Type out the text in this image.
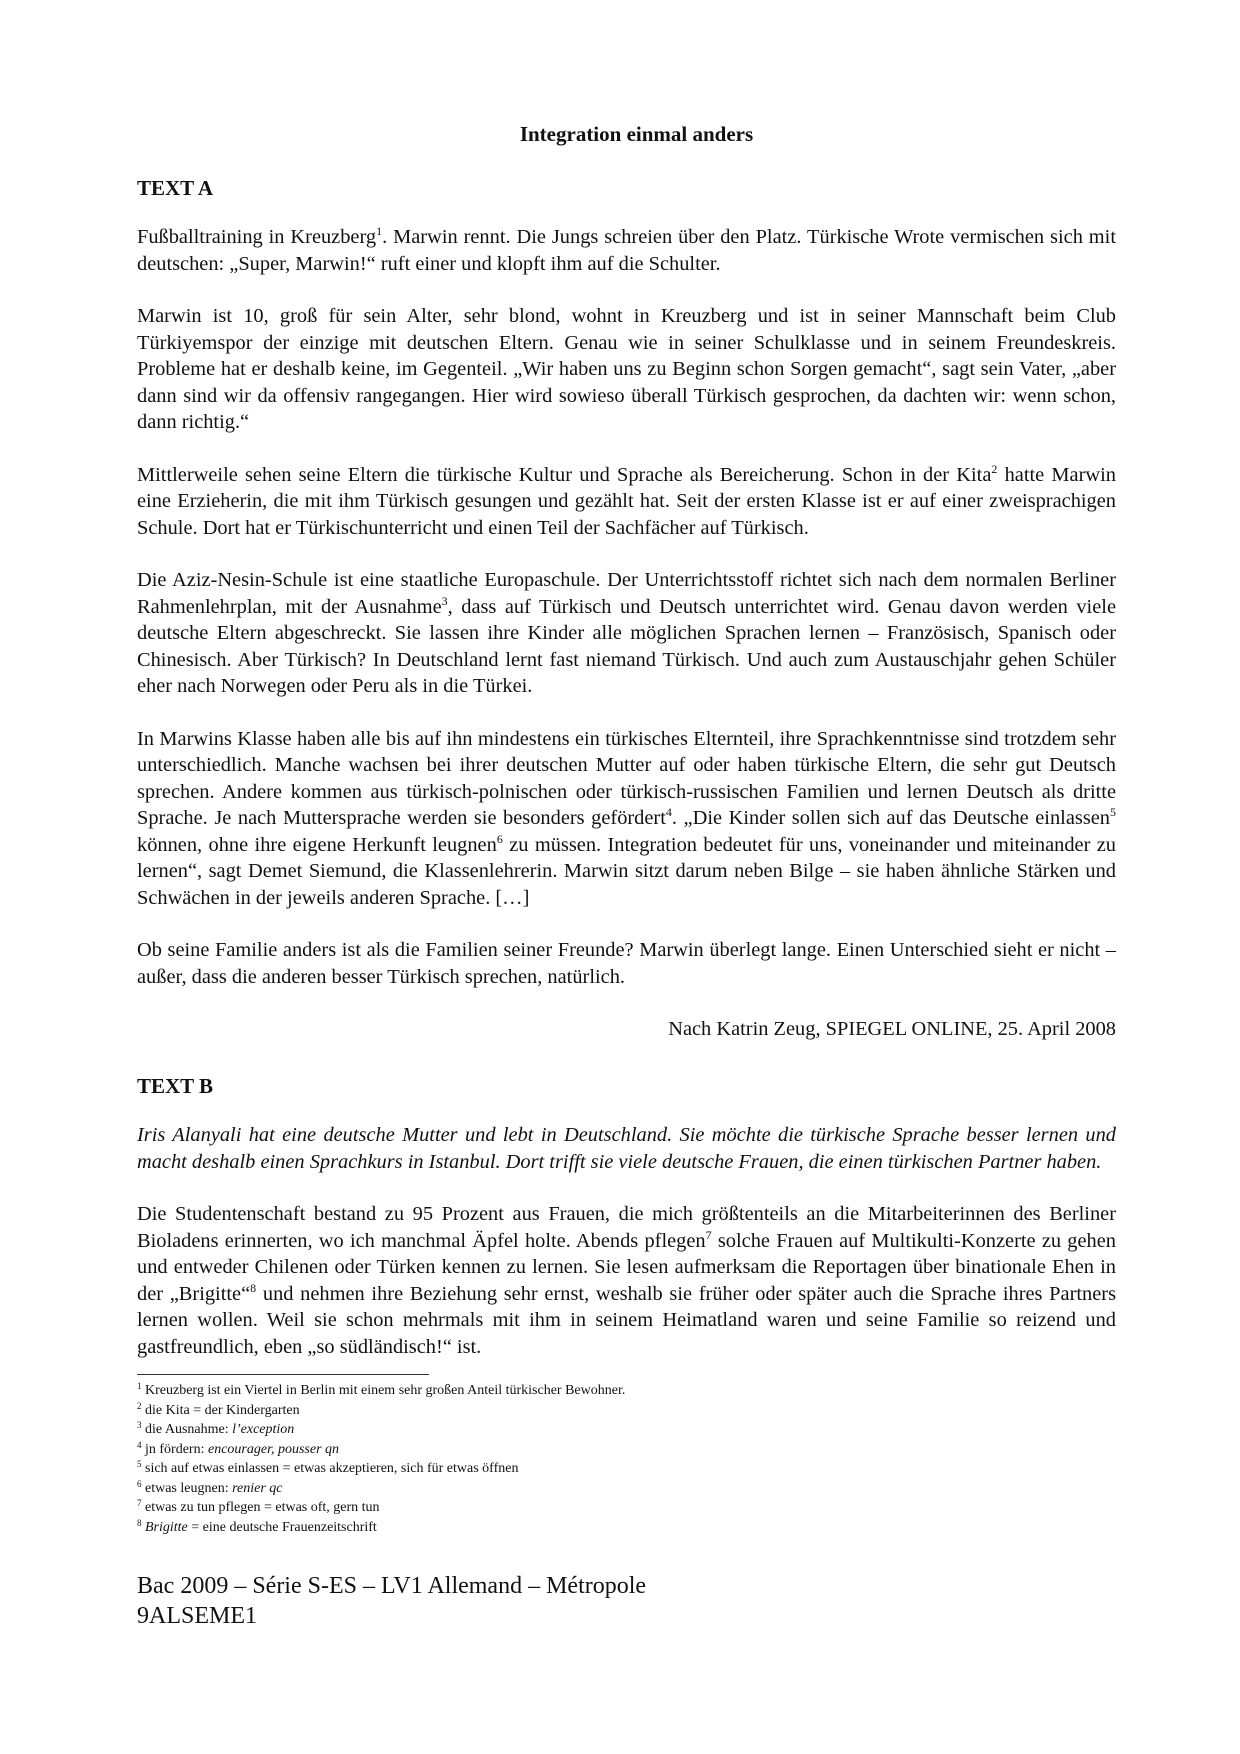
Integration einmal anders
TEXT A

Fußballtraining in Kreuzberg$^1$. Marwin rennt. Die Jungs schreien über den Platz. Türkische Wrote vermischen sich mit deutschen: „Super, Marwin!“ ruft einer und klopft ihm auf die Schulter.

Marwin ist 10, groß für sein Alter, sehr blond, wohnt in Kreuzberg und ist in seiner Mannschaft beim Club Türkiyemspor der einzige mit deutschen Eltern. Genau wie in seiner Schulklasse und in seinem Freundeskreis. Probleme hat er deshalb keine, im Gegenteil. „Wir haben uns zu Beginn schon Sorgen gemacht“, sagt sein Vater, „aber dann sind wir da offensiv rangegangen. Hier wird sowieso überall Türkisch gesprochen, da dachten wir: wenn schon, dann richtig.“

Mittlerweile sehen seine Eltern die türkische Kultur und Sprache als Bereicherung. Schon in der Kita$^2$ hatte Marwin eine Erzieherin, die mit ihm Türkisch gesungen und gezählt hat. Seit der ersten Klasse ist er auf einer zweisprachigen Schule. Dort hat er Türkischunterricht und einen Teil der Sachfächer auf Türkisch.

Die Aziz-Nesin-Schule ist eine staatliche Europaschule. Der Unterrichtsstoff richtet sich nach dem normalen Berliner Rahmenlehrplan, mit der Ausnahme$^3$, dass auf Türkisch und Deutsch unterrichtet wird. Genau davon werden viele deutsche Eltern abgeschreckt. Sie lassen ihre Kinder alle möglichen Sprachen lernen – Französisch, Spanisch oder Chinesisch. Aber Türkisch? In Deutschland lernt fast niemand Türkisch. Und auch zum Austauschjahr gehen Schüler eher nach Norwegen oder Peru als in die Türkei.

In Marwins Klasse haben alle bis auf ihn mindestens ein türkisches Elternteil, ihre Sprachkenntnisse sind trotzdem sehr unterschiedlich. Manche wachsen bei ihrer deutschen Mutter auf oder haben türkische Eltern, die sehr gut Deutsch sprechen. Andere kommen aus türkisch-polnischen oder türkisch-russischen Familien und lernen Deutsch als dritte Sprache. Je nach Muttersprache werden sie besonders gefördert$^4$. „Die Kinder sollen sich auf das Deutsche einlassen$^5$ können, ohne ihre eigene Herkunft leugnen$^6$ zu müssen. Integration bedeutet für uns, voneinander und miteinander zu lernen“, sagt Demet Siemund, die Klassenlehrerin. Marwin sitzt darum neben Bilge – sie haben ähnliche Stärken und Schwächen in der jeweils anderen Sprache. […]

Ob seine Familie anders ist als die Familien seiner Freunde? Marwin überlegt lange. Einen Unterschied sieht er nicht – außer, dass die anderen besser Türkisch sprechen, natürlich.

Nach Katrin Zeug, SPIEGEL ONLINE, 25. April 2008

TEXT B

Iris Alanyali hat eine deutsche Mutter und lebt in Deutschland. Sie möchte die türkische Sprache besser lernen und macht deshalb einen Sprachkurs in Istanbul. Dort trifft sie viele deutsche Frauen, die einen türkischen Partner haben.

Die Studentenschaft bestand zu 95 Prozent aus Frauen, die mich größtenteils an die Mitarbeiterinnen des Berliner Bioladens erinnerten, wo ich manchmal Äpfel holte. Abends pflegen$^7$ solche Frauen auf Multikulti-Konzerte zu gehen und entweder Chilenen oder Türken kennen zu lernen. Sie lesen aufmerksam die Reportagen über binationale Ehen in der „Brigitte“$^8$ und nehmen ihre Beziehung sehr ernst, weshalb sie früher oder später auch die Sprache ihres Partners lernen wollen. Weil sie schon mehrmals mit ihm in seinem Heimatland waren und seine Familie so reizend und gastfreundlich, eben „so südländisch!“ ist.

$^1$ Kreuzberg ist ein Viertel in Berlin mit einem sehr großen Anteil türkischer Bewohner.

$^2$ die Kita = der Kindergarten

$^3$ die Ausnahme: l’exception

$^4$ jn fördern: encourager, pousser qn

$^5$ sich auf etwas einlassen = etwas akzeptieren, sich für etwas öffnen

$^6$ etwas leugnen: renier qc

$^7$ etwas zu tun pflegen = etwas oft, gern tun

$^8$ Brigitte = eine deutsche Frauenzeitschrift

Bac 2009 – Série S-ES – LV1 Allemand – Métropole
9ALSEME1
